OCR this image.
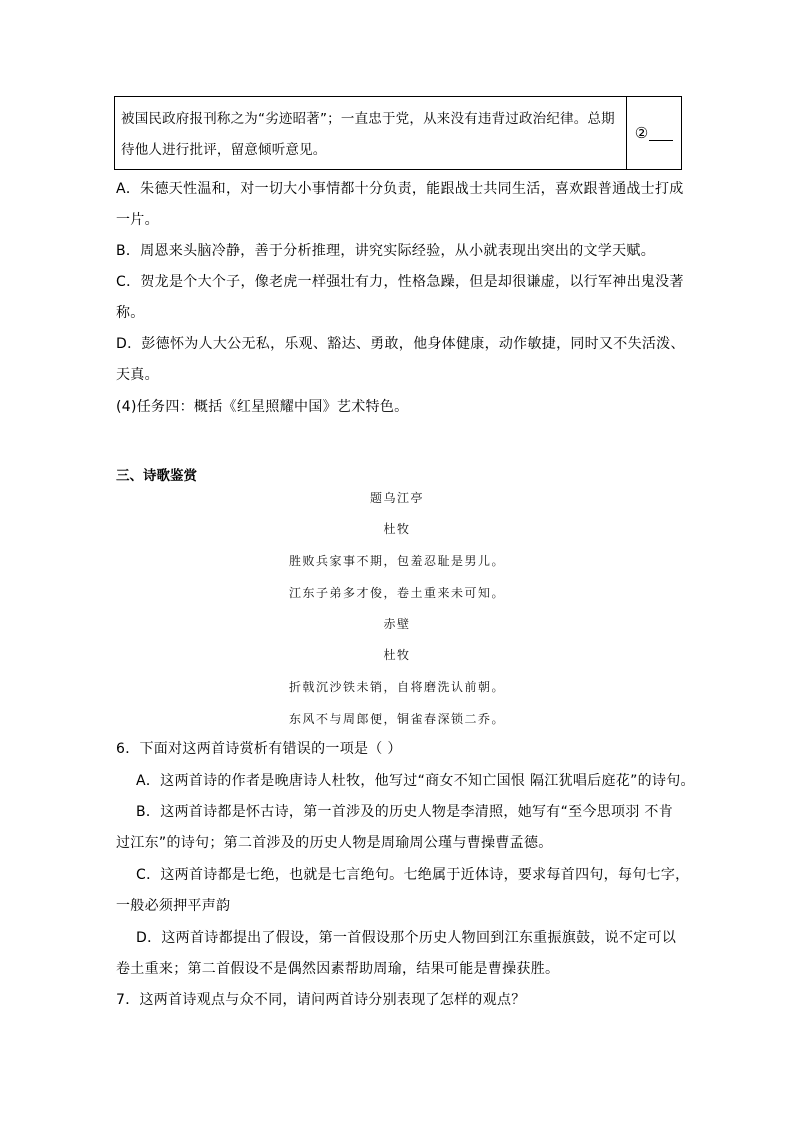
被国民政府报刊称之为“劣迹昭著”；一直忠于党，从来没有违背过政治纪律。总期
待他人进行批评，留意倾听意见。
②
A．朱德天性温和，对一切大小事情都十分负责，能跟战士共同生活，喜欢跟普通战士打成
一片。
B．周恩来头脑冷静，善于分析推理，讲究实际经验，从小就表现出突出的文学天赋。
C．贺龙是个大个子，像老虎一样强壮有力，性格急躁，但是却很谦虚，以行军神出鬼没著
称。
D．彭德怀为人大公无私，乐观、豁达、勇敢，他身体健康，动作敏捷，同时又不失活泼、
天真。
(4)任务四：概括《红星照耀中国》艺术特色。
三、诗歌鉴赏
题乌江亭
杜牧
胜败兵家事不期，包羞忍耻是男儿。
江东子弟多才俊，卷土重来未可知。
赤壁
杜牧
折戟沉沙铁未销，自将磨洗认前朝。
东风不与周郎便，铜雀春深锁二乔。
6．下面对这两首诗赏析有错误的一项是（ ）
A．这两首诗的作者是晚唐诗人杜牧，他写过“商女不知亡国恨 隔江犹唱后庭花”的诗句。
B．这两首诗都是怀古诗，第一首涉及的历史人物是李清照，她写有“至今思项羽 不肯
过江东”的诗句；第二首涉及的历史人物是周瑜周公瑾与曹操曹孟德。
C．这两首诗都是七绝，也就是七言绝句。七绝属于近体诗，要求每首四句，每句七字，
一般必须押平声韵
D．这两首诗都提出了假设，第一首假设那个历史人物回到江东重振旗鼓，说不定可以
卷土重来；第二首假设不是偶然因素帮助周瑜，结果可能是曹操获胜。
7．这两首诗观点与众不同，请问两首诗分别表现了怎样的观点？
